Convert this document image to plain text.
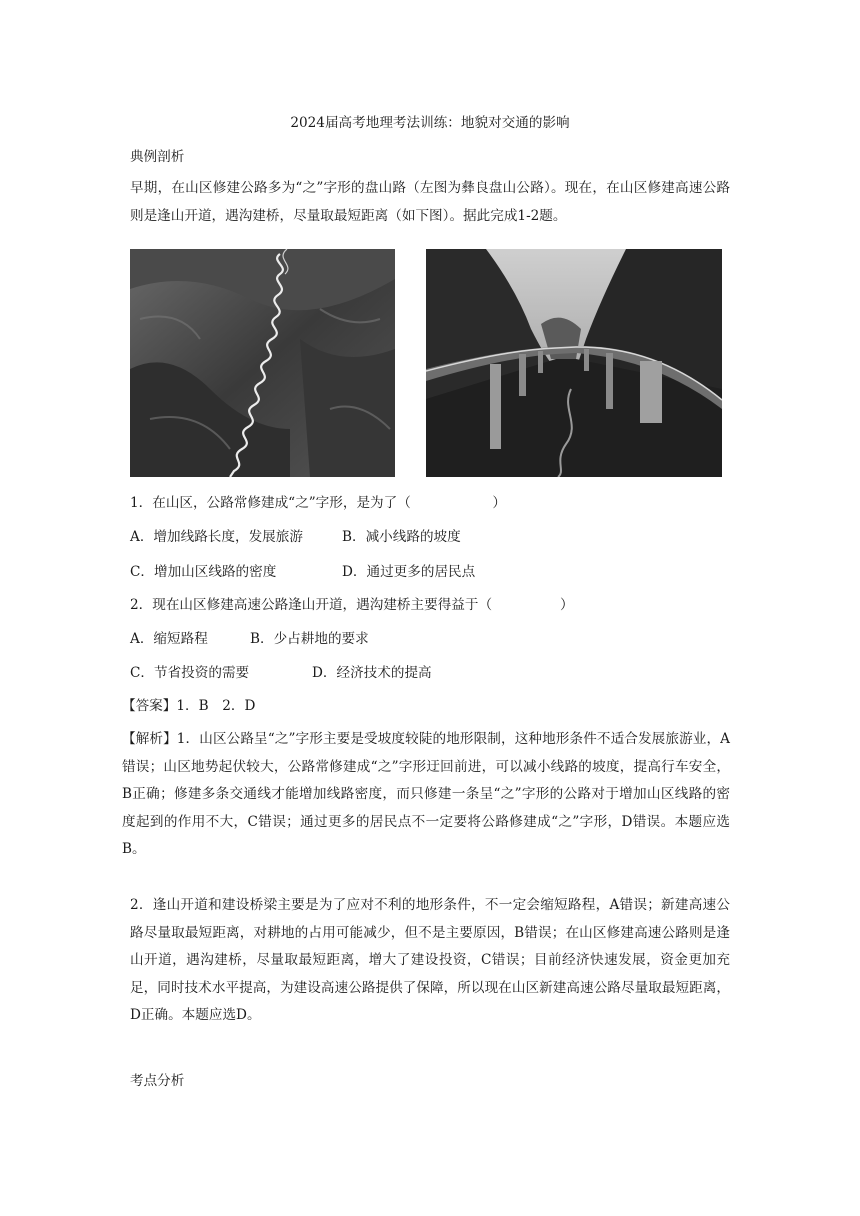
2024届高考地理考法训练：地貌对交通的影响
典例剖析
早期，在山区修建公路多为“之”字形的盘山路（左图为彝良盘山公路）。现在，在山区修建高速公路则是逢山开道，遇沟建桥，尽量取最短距离（如下图）。据此完成1-2题。
1．在山区，公路常修建成“之”字形，是为了（　　　　　　）
A．增加线路长度，发展旅游	B．减小线路的坡度
C．增加山区线路的密度	D．通过更多的居民点
2．现在山区修建高速公路逢山开道，遇沟建桥主要得益于（　　　　　）
A．缩短路程	B．少占耕地的要求
C．节省投资的需要	D．经济技术的提高
【答案】1．B　2．D
【解析】1．山区公路呈“之”字形主要是受坡度较陡的地形限制，这种地形条件不适合发展旅游业，A错误；山区地势起伏较大，公路常修建成“之”字形迂回前进，可以减小线路的坡度，提高行车安全，B正确；修建多条交通线才能增加线路密度，而只修建一条呈“之”字形的公路对于增加山区线路的密度起到的作用不大，C错误；通过更多的居民点不一定要将公路修建成“之”字形，D错误。本题应选B。
2．逢山开道和建设桥梁主要是为了应对不利的地形条件，不一定会缩短路程，A错误；新建高速公路尽量取最短距离，对耕地的占用可能减少，但不是主要原因，B错误；在山区修建高速公路则是逢山开道，遇沟建桥，尽量取最短距离，增大了建设投资，C错误；目前经济快速发展，资金更加充足，同时技术水平提高，为建设高速公路提供了保障，所以现在山区新建高速公路尽量取最短距离，D正确。本题应选D。
考点分析
